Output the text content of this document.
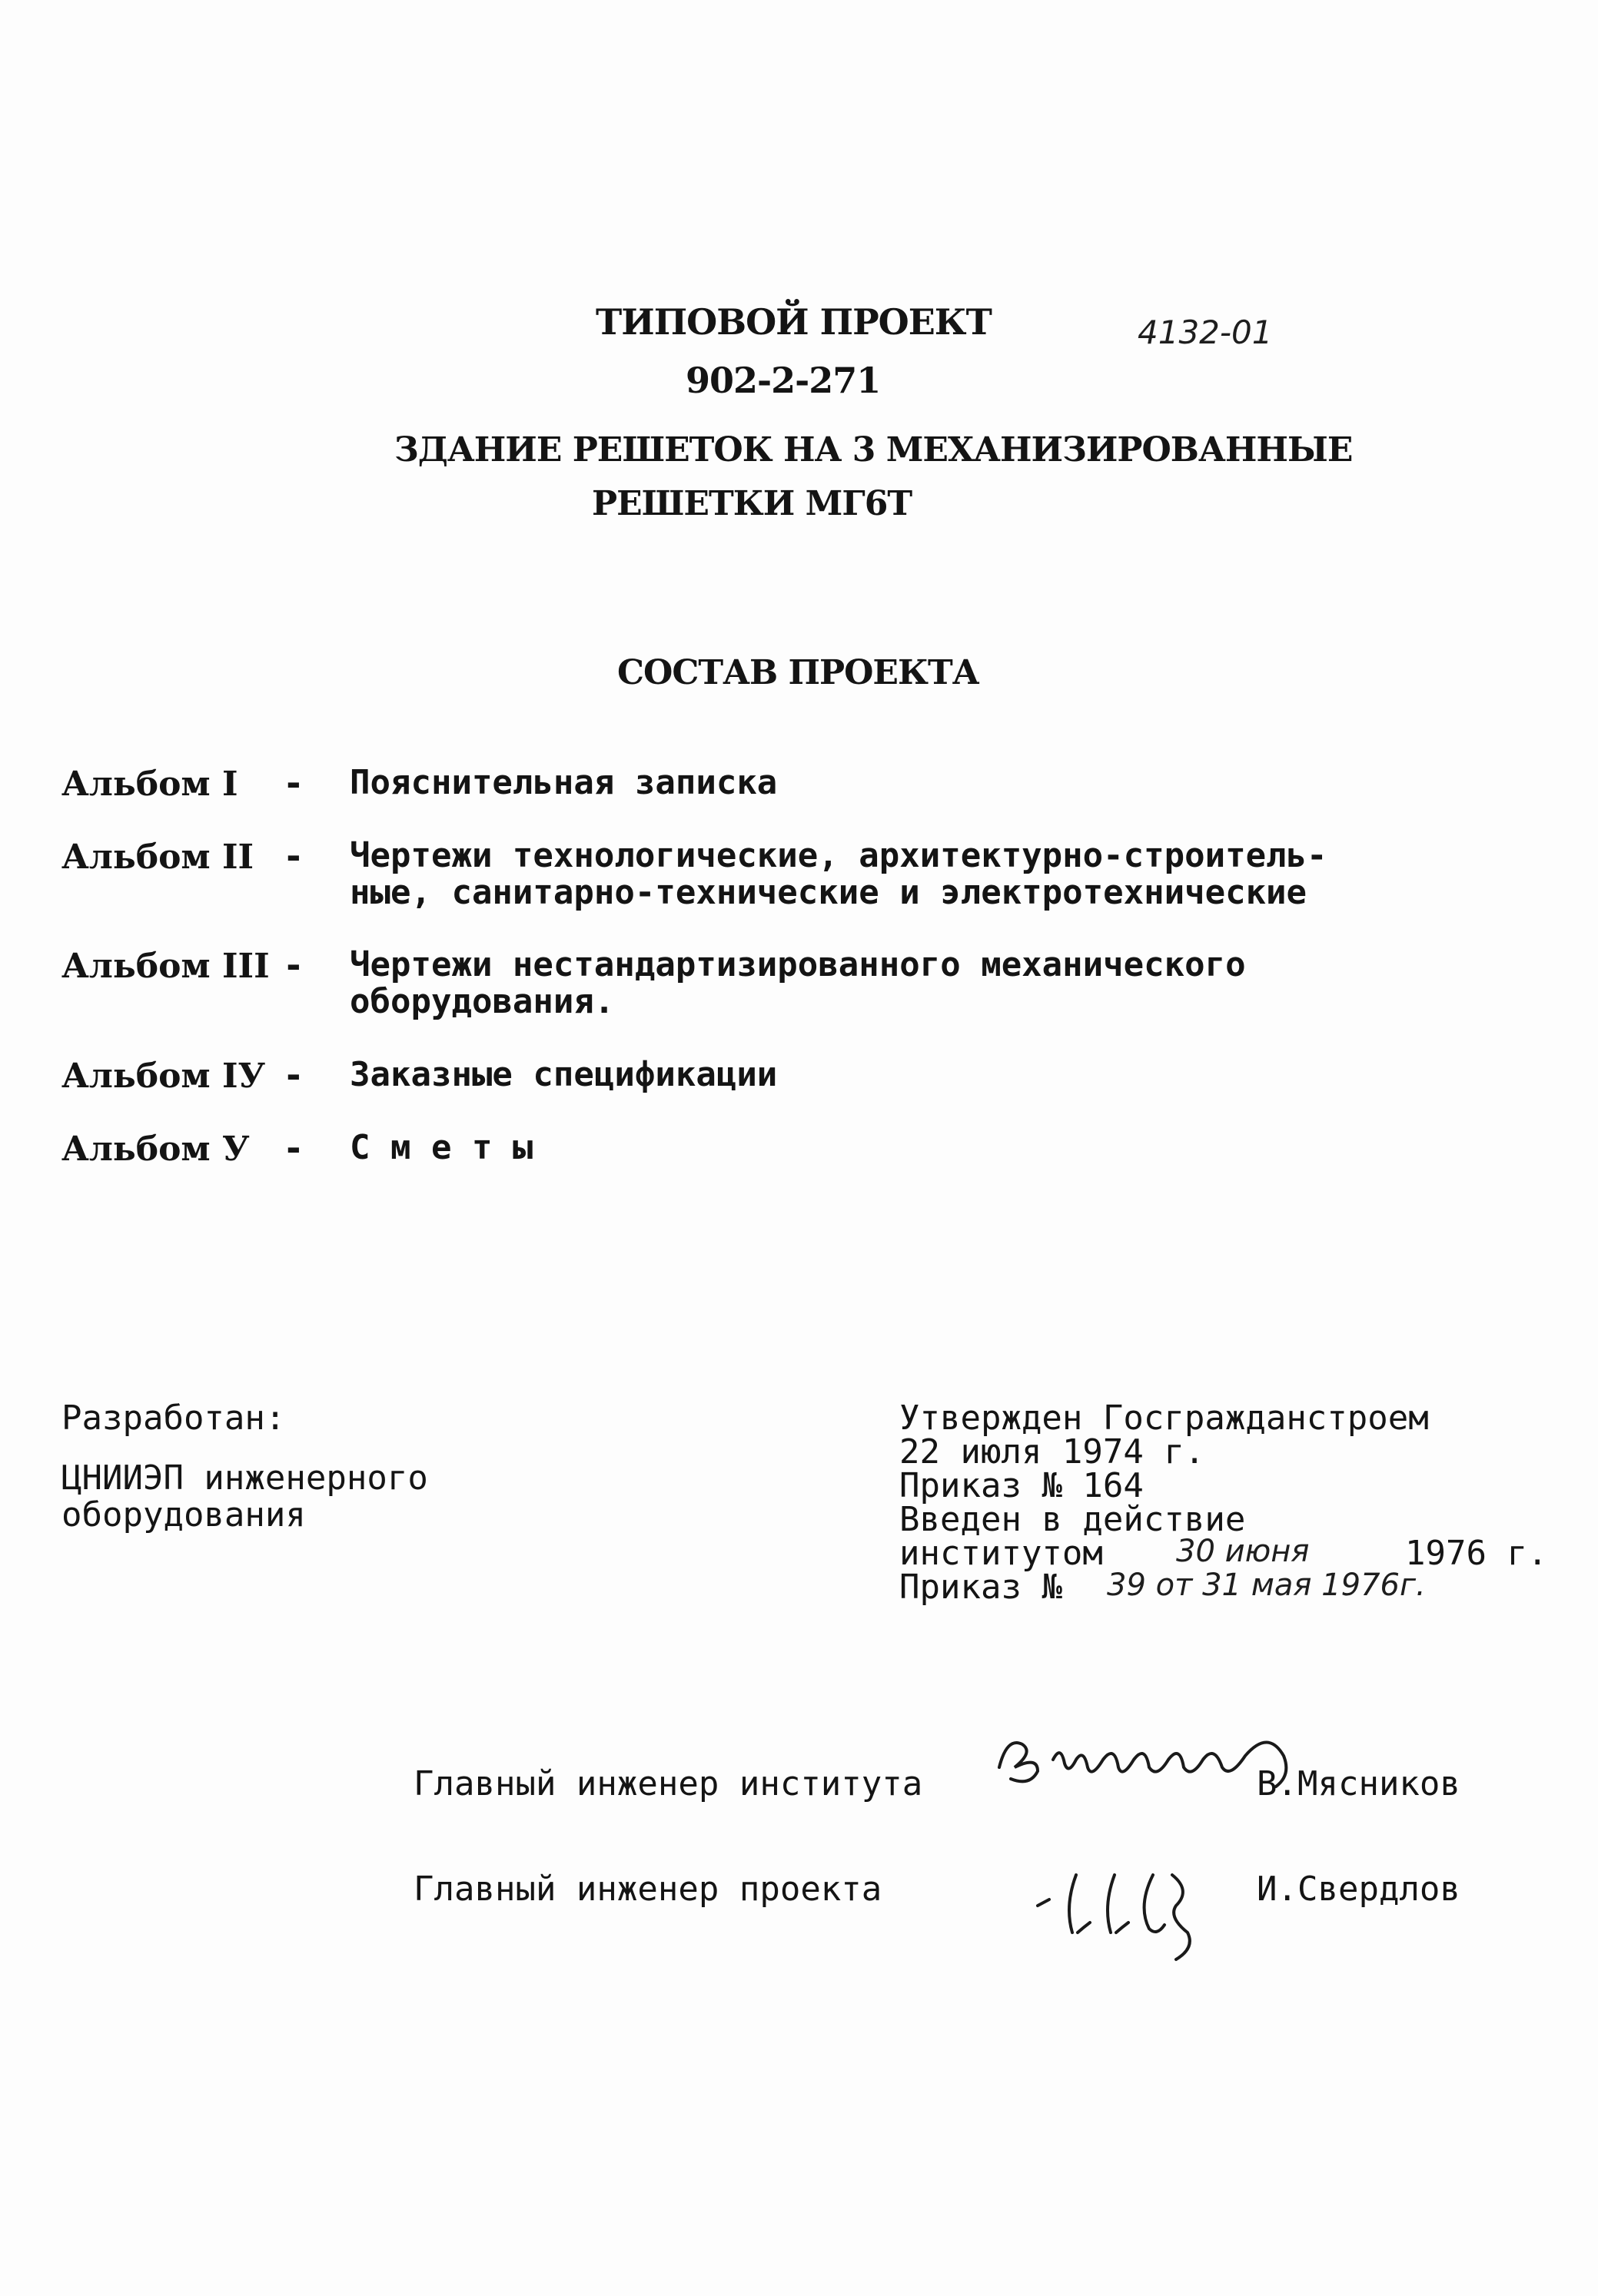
ТИПОВОЙ ПРОЕКТ	4132-01
902-2-271
ЗДАНИЕ РЕШЕТОК НА 3 МЕХАНИЗИРОВАННЫЕ
РЕШЕТКИ МГ6Т
СОСТАВ ПРОЕКТА
Альбом I - Пояснительная записка
Альбом II - Чертежи технологические, архитектурно-строитель-
ные, санитарно-технические и электротехнические
Альбом III - Чертежи нестандартизированного механического
оборудования.
Альбом IУ - Заказные спецификации
Альбом У - С м е т ы
Разработан:
ЦНИИЭП инженерного
оборудования
Утвержден Госгражданстроем
22 июля 1974 г.
Приказ № 164
Введен в действие
институтом 30 июня	1976 г.
Приказ № 39 от 31 мая 1976г.
Главный инженер института	В.Мясников
Главный инженер проекта	И.Свердлов
